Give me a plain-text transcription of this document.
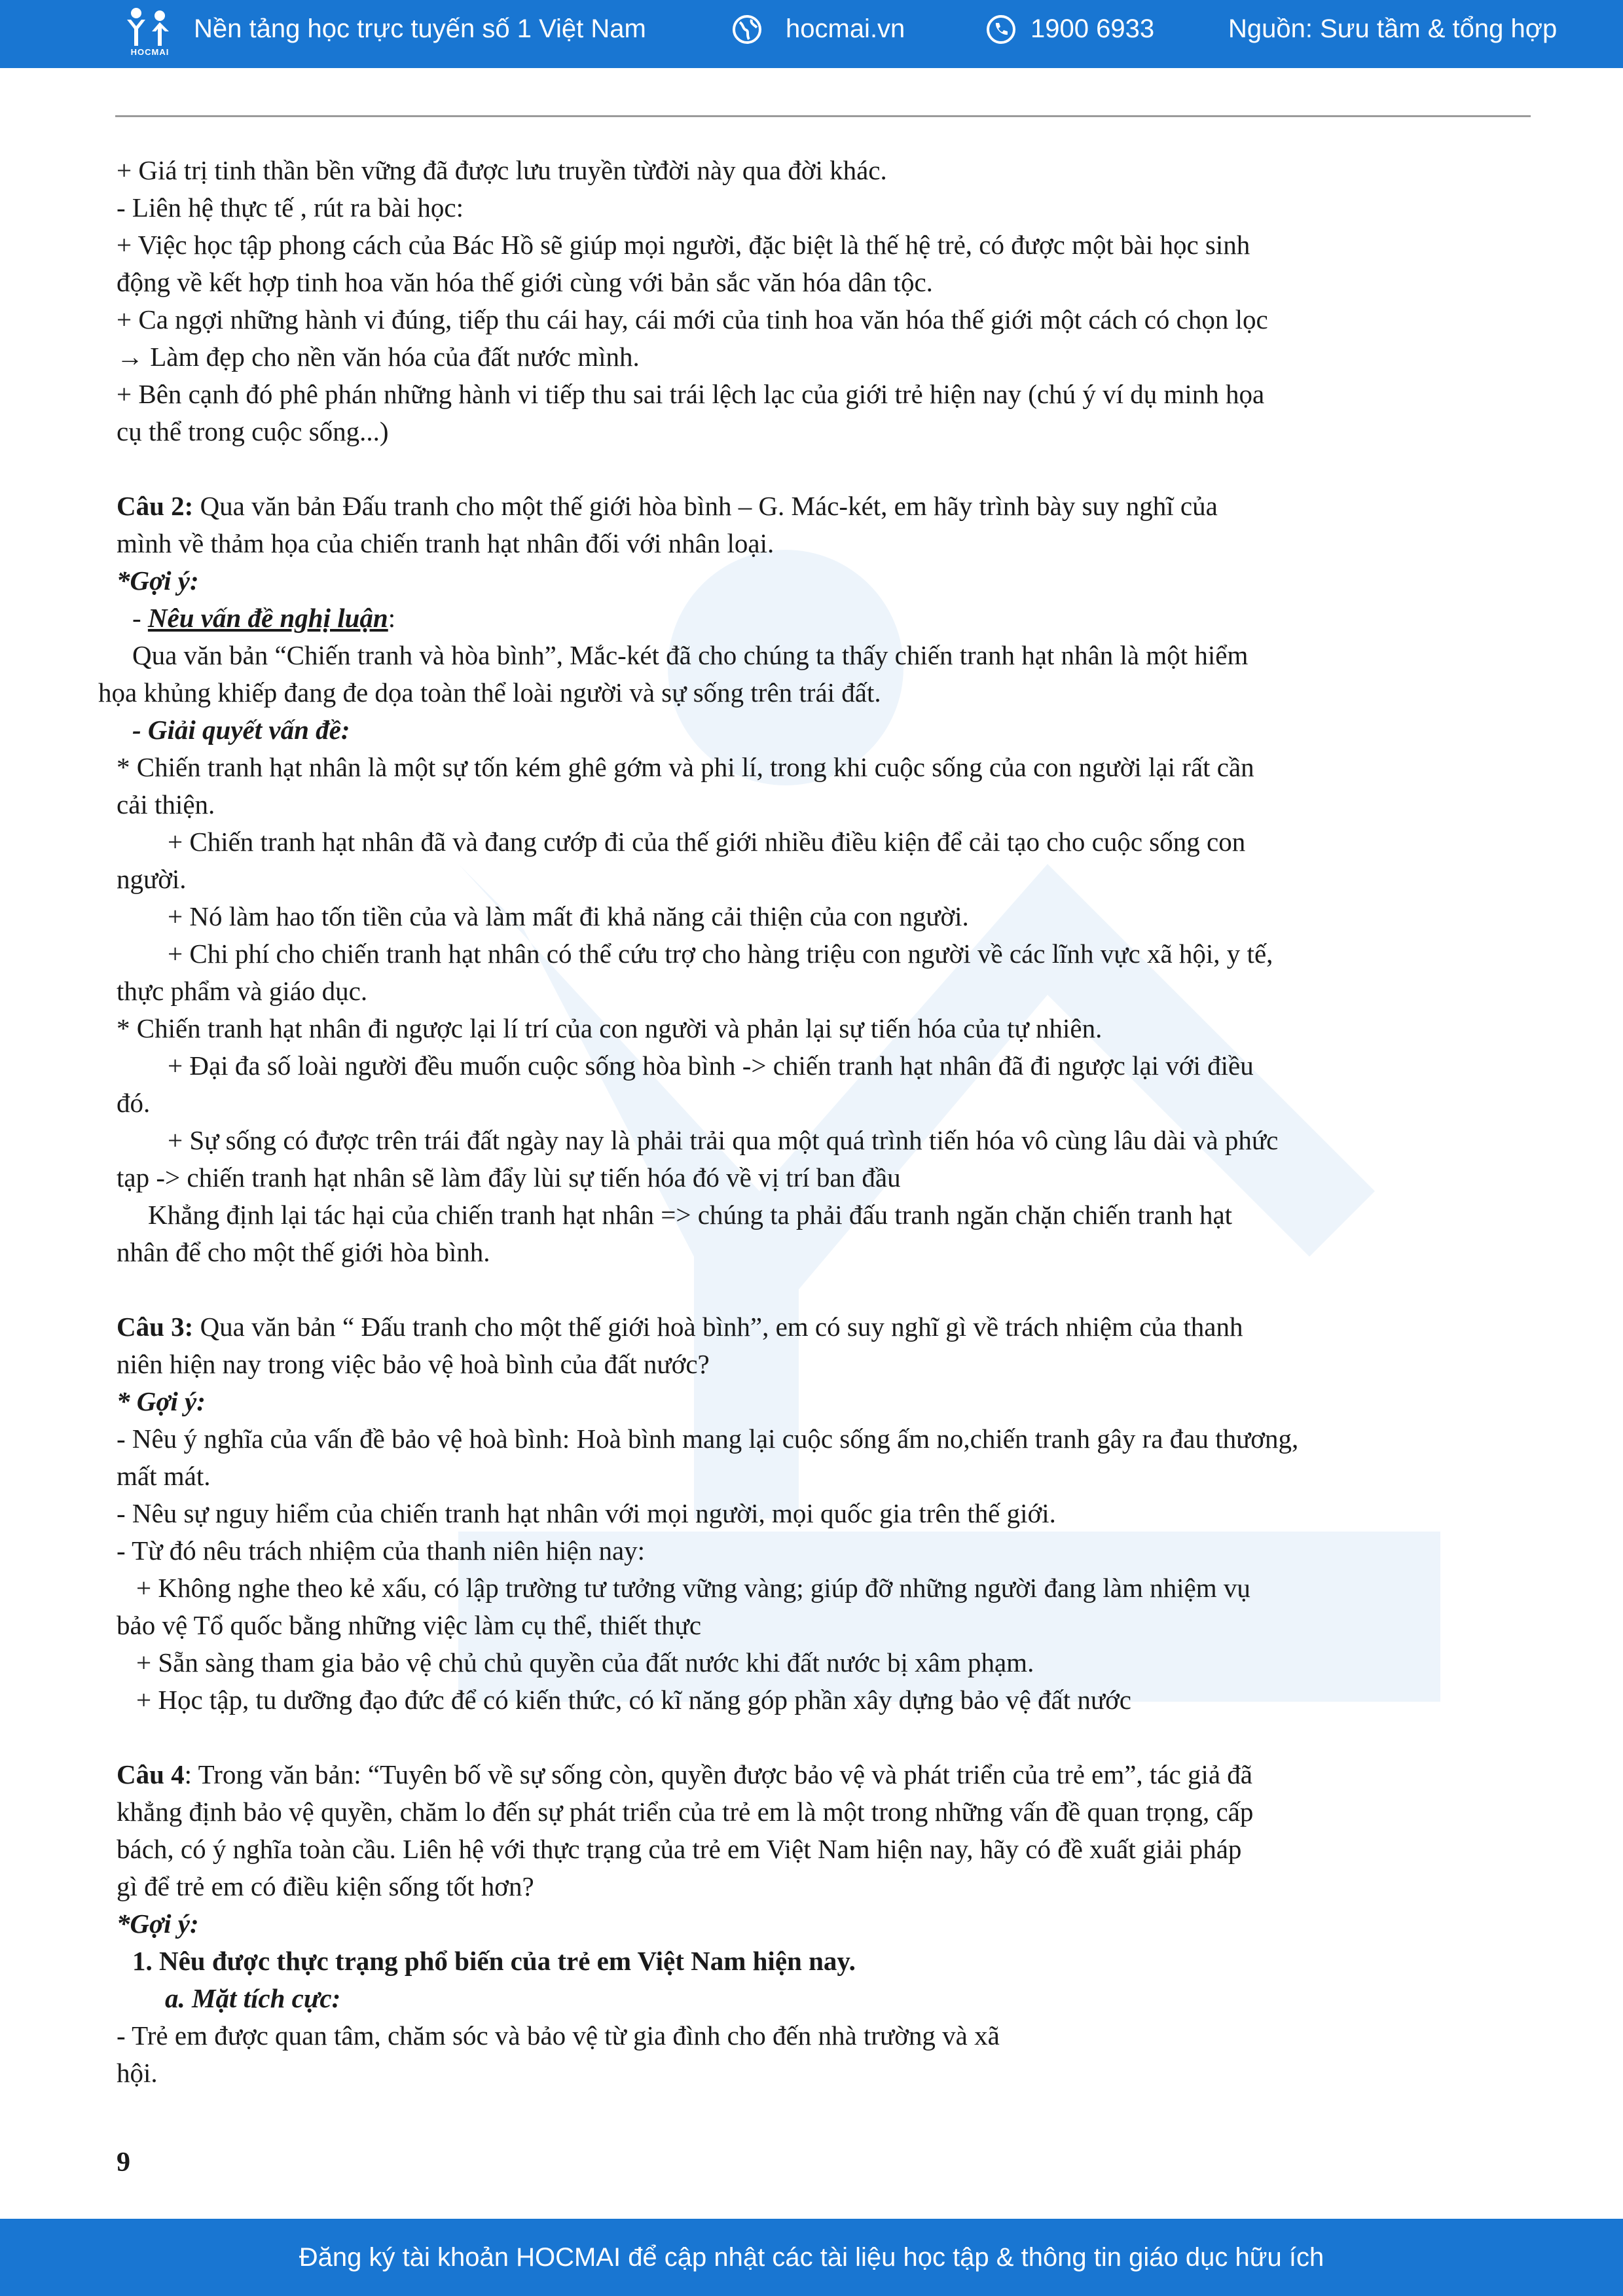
HOCMAI
Nền tảng học trực tuyến số 1 Việt Nam	hocmai.vn	1900 6933	Nguồn: Sưu tầm & tổng hợp

+ Giá trị tinh thần bền vững đã được lưu truyền từđời này qua đời khác.

- Liên hệ thực tế , rút ra bài học:

+ Việc học tập phong cách của Bác Hồ sẽ giúp mọi người, đặc biệt là thế hệ trẻ, có được một bài học sinh

động về kết hợp tinh hoa văn hóa thế giới cùng với bản sắc văn hóa dân tộc.

+ Ca ngợi những hành vi đúng, tiếp thu cái hay, cái mới của tinh hoa văn hóa thế giới một cách có chọn lọc

→ Làm đẹp cho nền văn hóa của đất nước mình.

+ Bên cạnh đó phê phán những hành vi tiếp thu sai trái lệch lạc của giới trẻ hiện nay (chú ý ví dụ minh họa

cụ thể trong cuộc sống...)

Câu 2: Qua văn bản Đấu tranh cho một thế giới hòa bình – G. Mác-két, em hãy trình bày suy nghĩ của

mình về thảm họa của chiến tranh hạt nhân đối với nhân loại.

*Gợi ý:

- Nêu vấn đề nghị luận:

Qua văn bản “Chiến tranh và hòa bình”, Mắc-két đã cho chúng ta thấy chiến tranh hạt nhân là một hiểm

họa khủng khiếp đang đe dọa toàn thể loài người và sự sống trên trái đất.

- Giải quyết vấn đề:

* Chiến tranh hạt nhân là một sự tốn kém ghê gớm và phi lí, trong khi cuộc sống của con người lại rất cần

cải thiện.

+ Chiến tranh hạt nhân đã và đang cướp đi của thế giới nhiều điều kiện để cải tạo cho cuộc sống con

người.

+ Nó làm hao tốn tiền của và làm mất đi khả năng cải thiện của con người.

+ Chi phí cho chiến tranh hạt nhân có thể cứu trợ cho hàng triệu con người về các lĩnh vực xã hội, y tế,

thực phẩm và giáo dục.

* Chiến tranh hạt nhân đi ngược lại lí trí của con người và phản lại sự tiến hóa của tự nhiên.

+ Đại đa số loài người đều muốn cuộc sống hòa bình -> chiến tranh hạt nhân đã đi ngược lại với điều

đó.

+ Sự sống có được trên trái đất ngày nay là phải trải qua một quá trình tiến hóa vô cùng lâu dài và phức

tạp -> chiến tranh hạt nhân sẽ làm đẩy lùi sự tiến hóa đó về vị trí ban đầu

Khẳng định lại tác hại của chiến tranh hạt nhân => chúng ta phải đấu tranh ngăn chặn chiến tranh hạt

nhân để cho một thế giới hòa bình.

Câu 3: Qua văn bản “ Đấu tranh cho một thế giới hoà bình”, em có suy nghĩ gì về trách nhiệm của thanh

niên hiện nay trong việc bảo vệ hoà bình của đất nước?

* Gợi ý:

- Nêu ý nghĩa của vấn đề bảo vệ hoà bình: Hoà bình mang lại cuộc sống ấm no,chiến tranh gây ra đau thương,

mất mát.

- Nêu sự nguy hiểm của chiến tranh hạt nhân với mọi người, mọi quốc gia trên thế giới.

- Từ đó nêu trách nhiệm của thanh niên hiện nay:

+ Không nghe theo kẻ xấu, có lập trường tư tưởng vững vàng; giúp đỡ những người đang làm nhiệm vụ

bảo vệ Tổ quốc bằng những việc làm cụ thể, thiết thực

+ Sẵn sàng tham gia bảo vệ chủ chủ quyền của đất nước khi đất nước bị xâm phạm.

+ Học tập, tu dưỡng đạo đức để có kiến thức, có kĩ năng góp phần xây dựng bảo vệ đất nước

Câu 4: Trong văn bản: “Tuyên bố về sự sống còn, quyền được bảo vệ và phát triển của trẻ em”, tác giả đã

khẳng định bảo vệ quyền, chăm lo đến sự phát triển của trẻ em là một trong những vấn đề quan trọng, cấp

bách, có ý nghĩa toàn cầu. Liên hệ với thực trạng của trẻ em Việt Nam hiện nay, hãy có đề xuất giải pháp

gì để trẻ em có điều kiện sống tốt hơn?

*Gợi ý:

1. Nêu được thực trạng phổ biến của trẻ em Việt Nam hiện nay.

a. Mặt tích cực:

- Trẻ em được quan tâm, chăm sóc và bảo vệ từ gia đình cho đến nhà trường và xã

hội.

9
Đăng ký tài khoản HOCMAI để cập nhật các tài liệu học tập & thông tin giáo dục hữu ích
